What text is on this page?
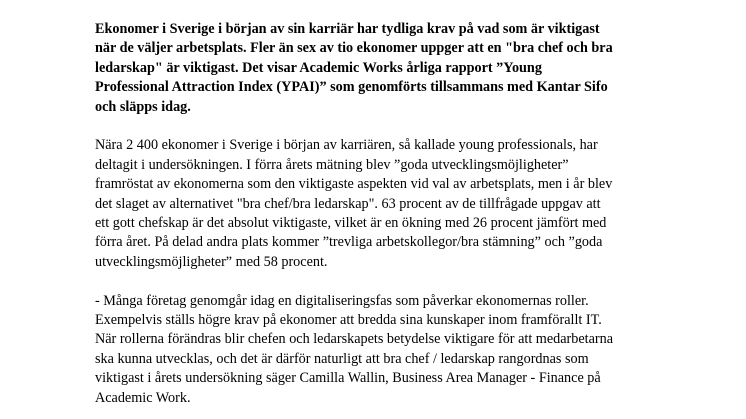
Ekonomer i Sverige i början av sin karriär har tydliga krav på vad som är viktigast
när de väljer arbetsplats. Fler än sex av tio ekonomer uppger att en "bra chef och bra
ledarskap" är viktigast. Det visar Academic Works årliga rapport ”Young
Professional Attraction Index (YPAI)” som genomförts tillsammans med Kantar Sifo
och släpps idag.

Nära 2 400 ekonomer i Sverige i början av karriären, så kallade young professionals, har
deltagit i undersökningen. I förra årets mätning blev ”goda utvecklingsmöjligheter”
framröstat av ekonomerna som den viktigaste aspekten vid val av arbetsplats, men i år blev
det slaget av alternativet "bra chef/bra ledarskap". 63 procent av de tillfrågade uppgav att
ett gott chefskap är det absolut viktigaste, vilket är en ökning med 26 procent jämfört med
förra året. På delad andra plats kommer ”trevliga arbetskollegor/bra stämning” och ”goda
utvecklingsmöjligheter” med 58 procent.

- Många företag genomgår idag en digitaliseringsfas som påverkar ekonomernas roller.
Exempelvis ställs högre krav på ekonomer att bredda sina kunskaper inom framförallt IT.
När rollerna förändras blir chefen och ledarskapets betydelse viktigare för att medarbetarna
ska kunna utvecklas, och det är därför naturligt att bra chef / ledarskap rangordnas som
viktigast i årets undersökning säger Camilla Wallin, Business Area Manager - Finance på
Academic Work.
